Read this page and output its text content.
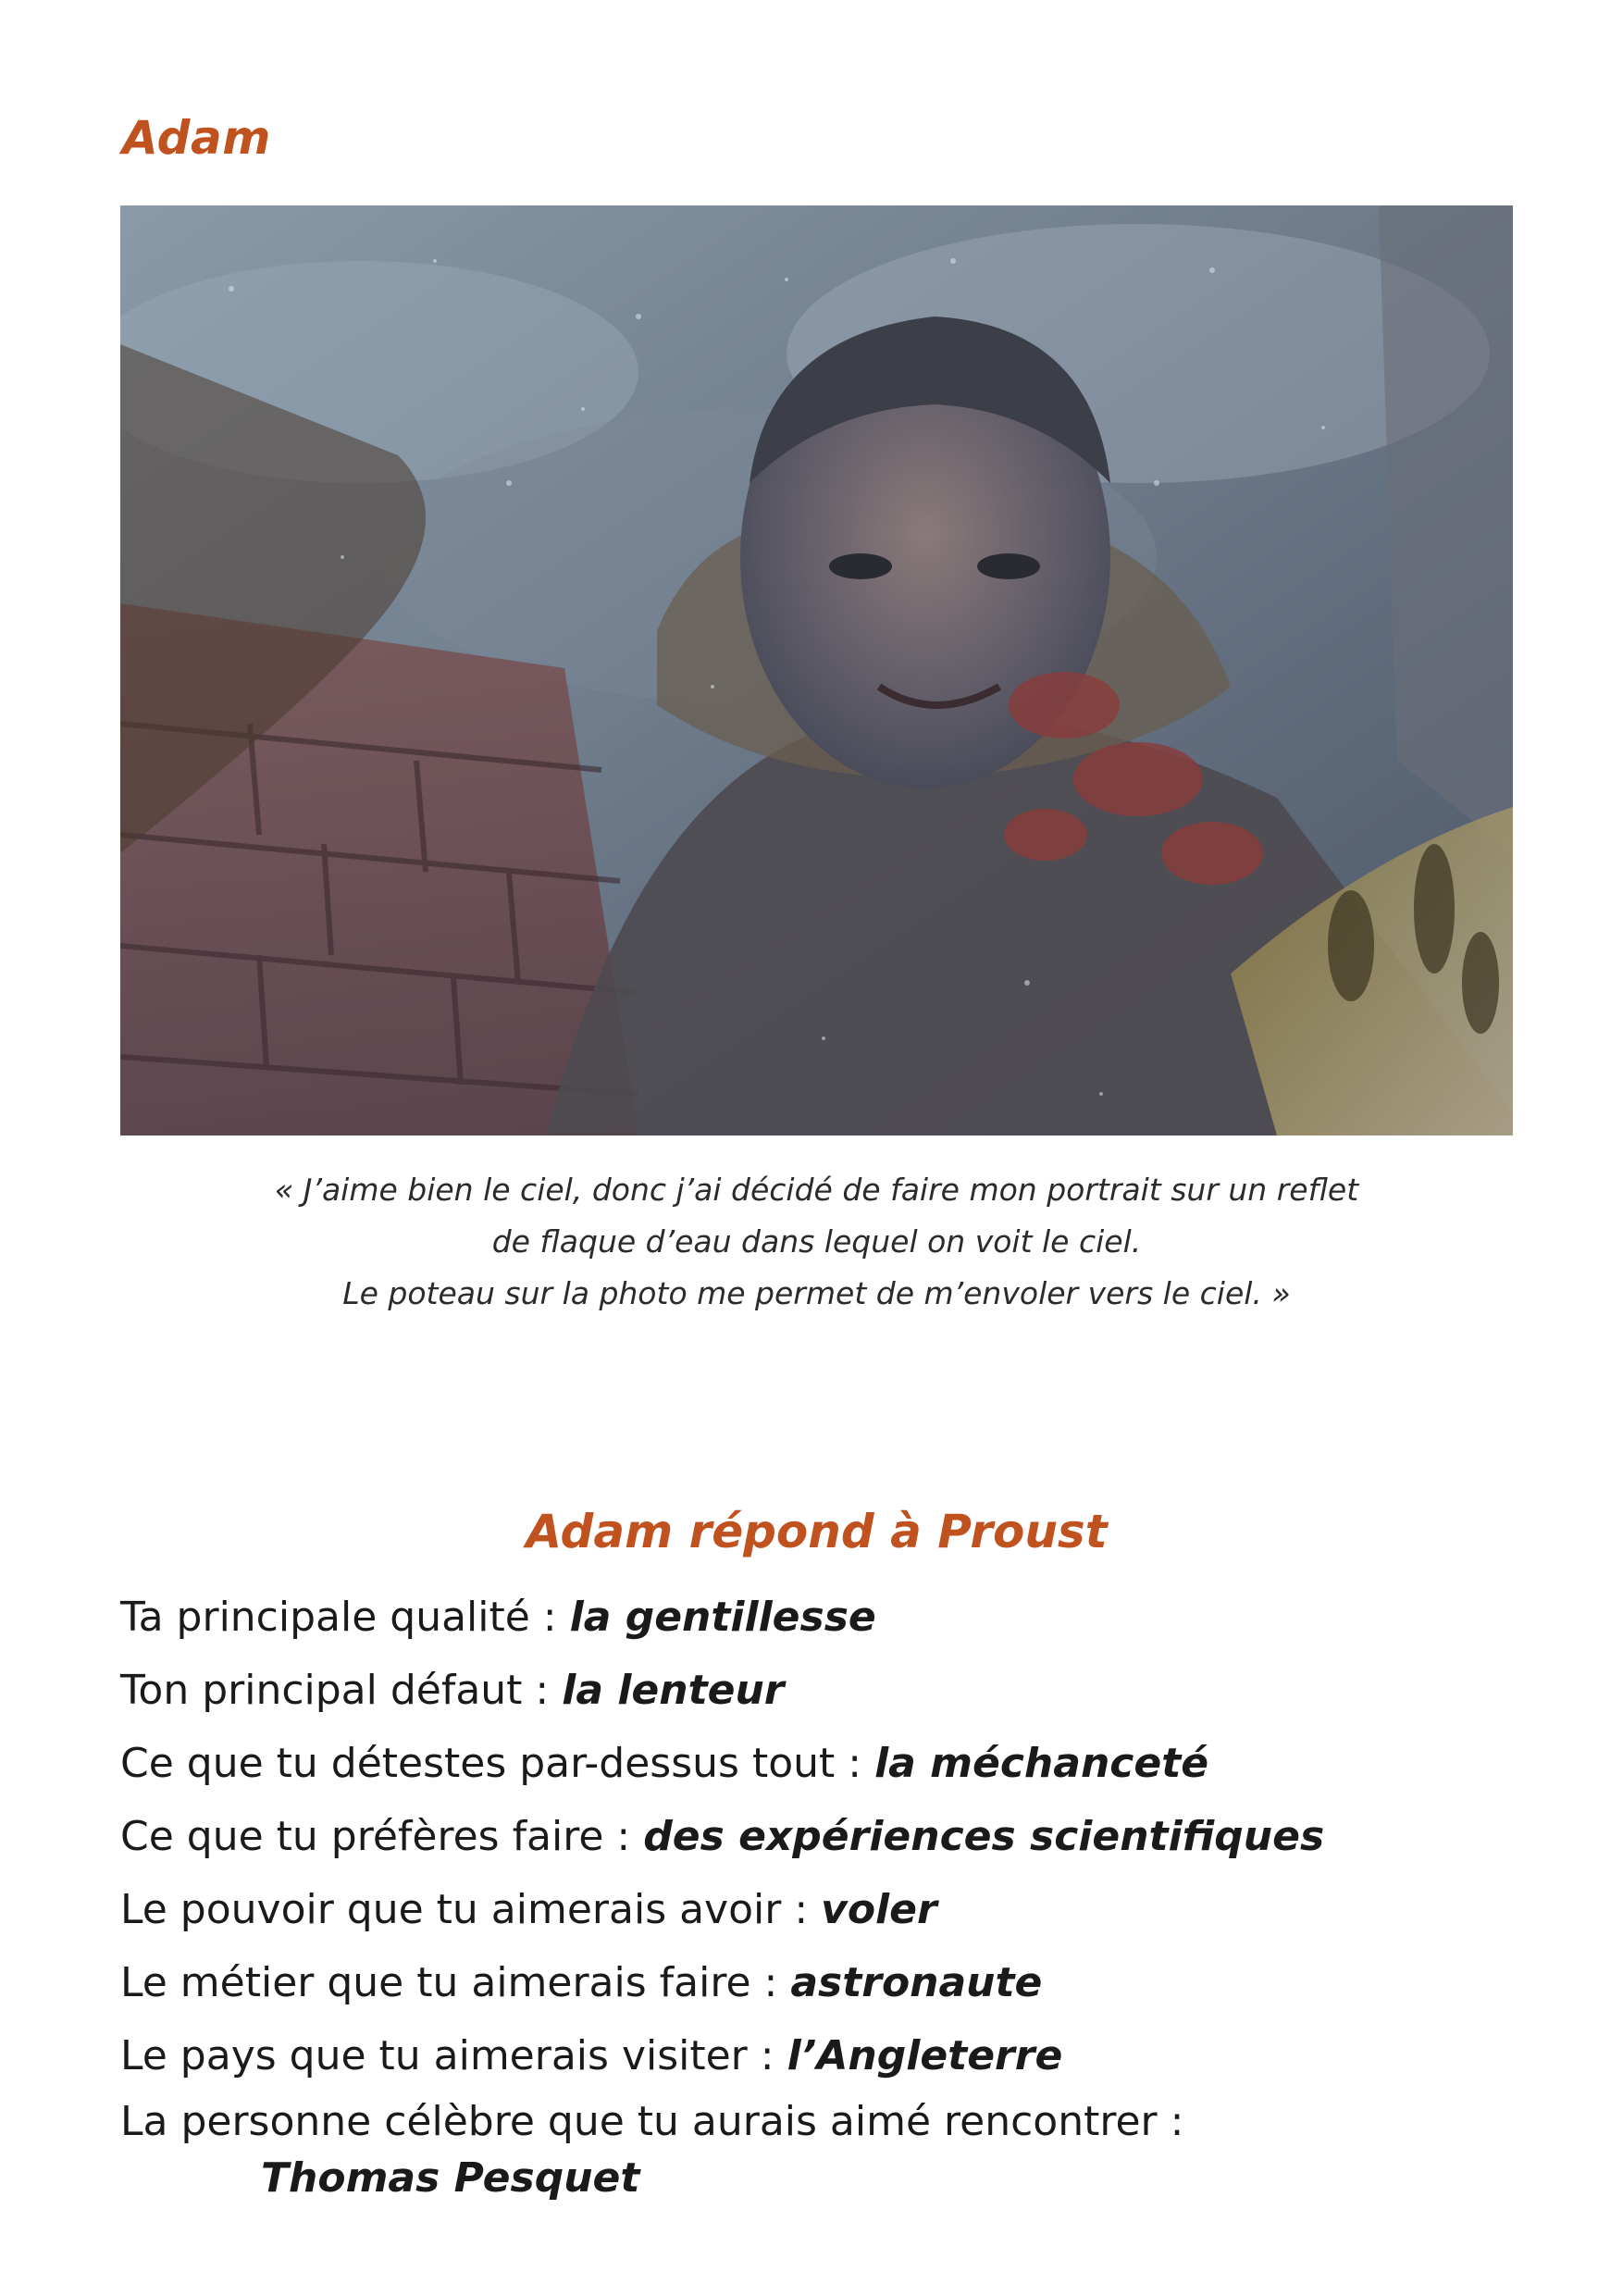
Adam
« J’aime bien le ciel, donc j’ai décidé de faire mon portrait sur un reflet
de flaque d’eau dans lequel on voit le ciel.
Le poteau sur la photo me permet de m’envoler vers le ciel. »
Adam répond à Proust
Ta principale qualité : la gentillesse
Ton principal défaut : la lenteur
Ce que tu détestes par-dessus tout : la méchanceté
Ce que tu préfères faire : des expériences scientifiques
Le pouvoir que tu aimerais avoir : voler
Le métier que tu aimerais faire : astronaute
Le pays que tu aimerais visiter : l’Angleterre
La personne célèbre que tu aurais aimé rencontrer :
Thomas Pesquet
